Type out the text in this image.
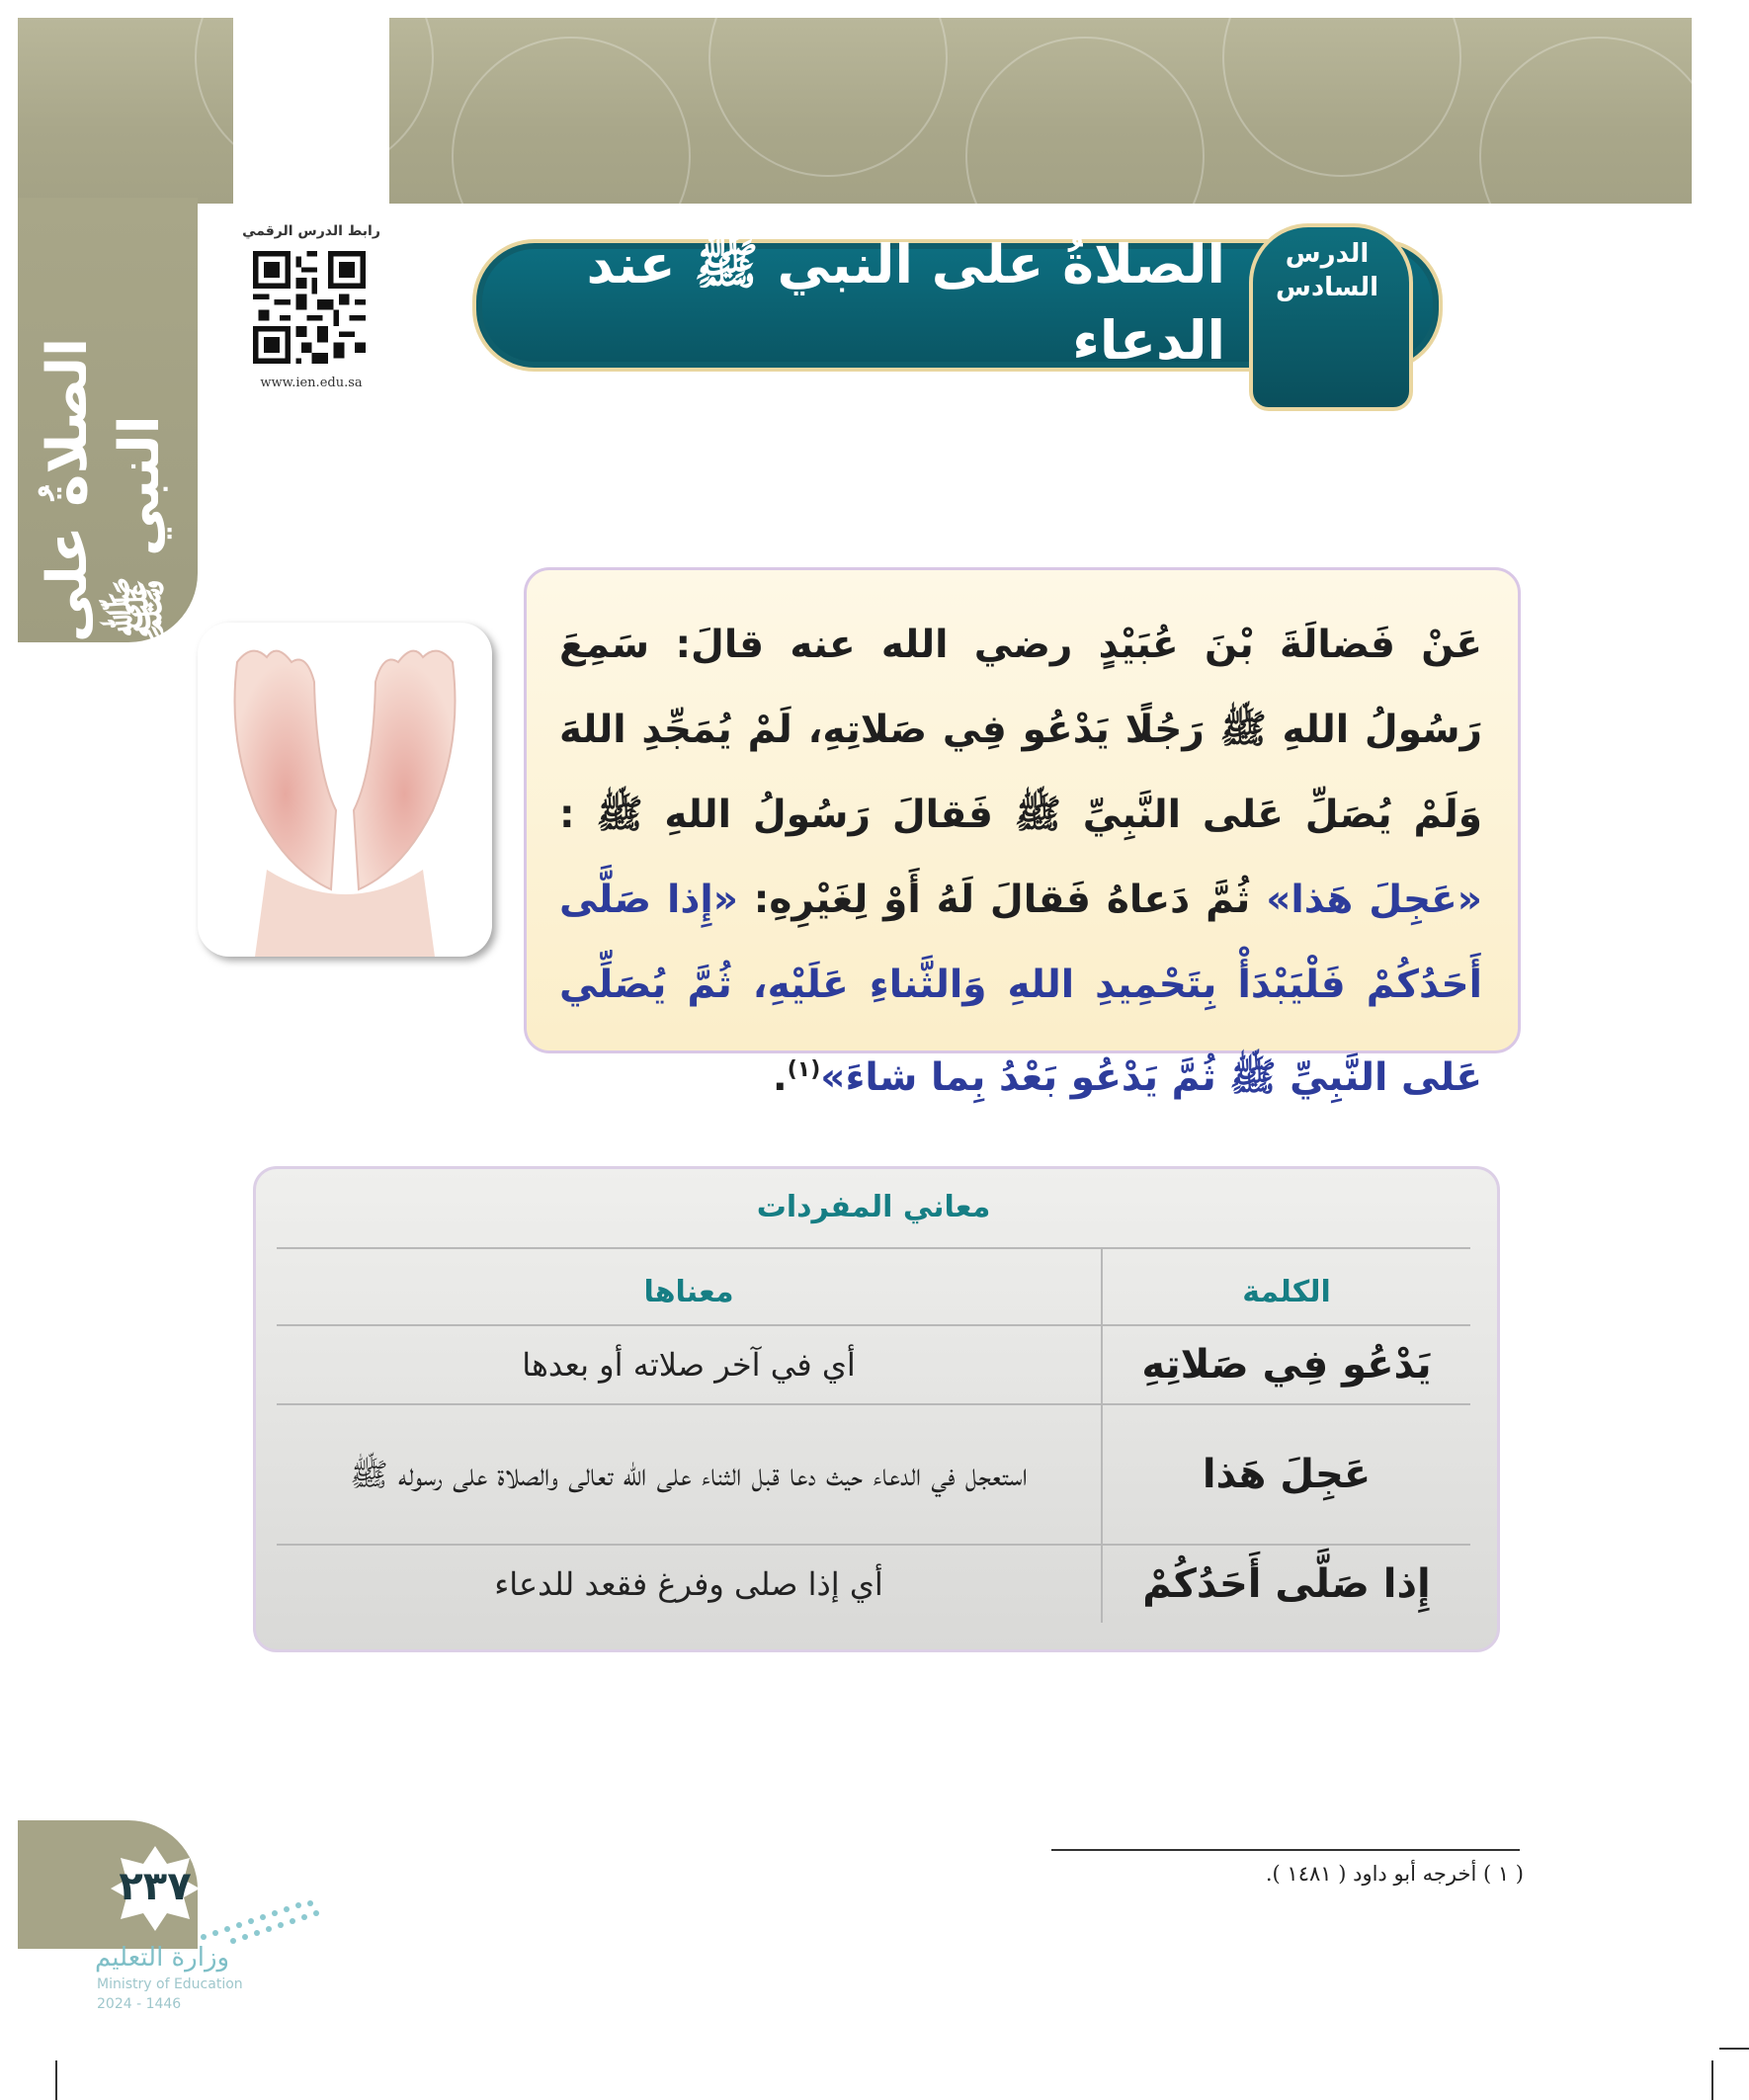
الصلاةُ على النبي ﷺ
رابط الدرس الرقمي
www.ien.edu.sa
الصلاةُ على النبي ﷺ عند الدعاء
الدرس
السادس
عَنْ فَضالَةَ بْنَ عُبَيْدٍ رضي الله عنه قالَ: سَمِعَ رَسُولُ اللهِ ﷺ رَجُلًا يَدْعُو فِي صَلاتِهِ، لَمْ يُمَجِّدِ اللهَ وَلَمْ يُصَلِّ عَلى النَّبِيِّ ﷺ فَقالَ رَسُولُ اللهِ ﷺ : «عَجِلَ هَذا» ثُمَّ دَعاهُ فَقالَ لَهُ أَوْ لِغَيْرِهِ: «إِذا صَلَّى أَحَدُكُمْ فَلْيَبْدَأْ بِتَحْمِيدِ اللهِ وَالثَّناءِ عَلَيْهِ، ثُمَّ يُصَلِّي عَلى النَّبِيِّ ﷺ ثُمَّ يَدْعُو بَعْدُ بِما شاءَ»$^{(١)}$.
معاني المفردات
الكلمة
معناها
يَدْعُو فِي صَلاتِهِ
أي في آخر صلاته أو بعدها
عَجِلَ هَذا
استعجل في الدعاء حيث دعا قبل الثناء على الله تعالى والصلاة على رسوله ﷺ
إِذا صَلَّى أَحَدُكُمْ
أي إذا صلى وفرغ فقعد للدعاء
( ١ ) أخرجه أبو داود ( ١٤٨١ ).
٢٣٧
وزارة التعليم
Ministry of Education
2024 - 1446
